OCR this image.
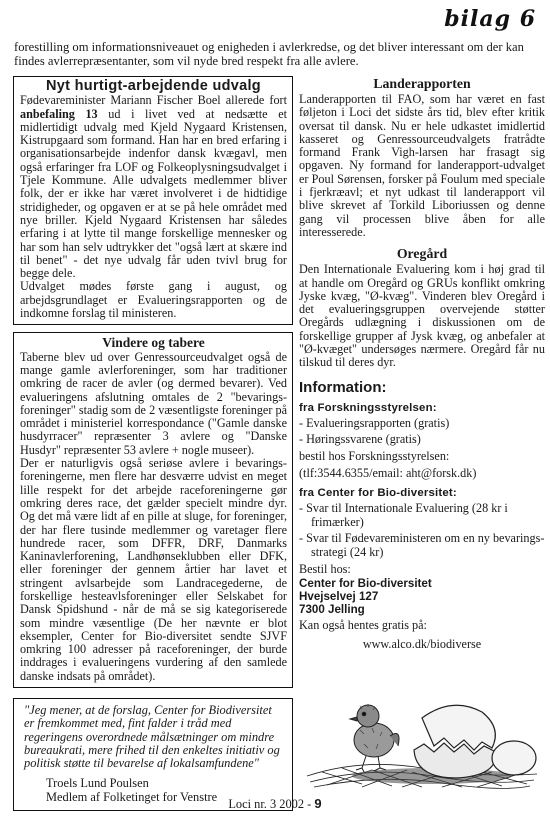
bilag 6
forestilling om informationsniveauet og enigheden i avlerkredse, og det bliver interessant om der kan findes avlerrepræsentanter, som vil nyde bred respekt fra alle avlere.
Nyt hurtigt-arbejdende udvalg

Fødevareminister Mariann Fischer Boel allerede fort anbefaling 13 ud i livet ved at nedsætte et midlertidigt udvalg med Kjeld Nygaard Kristensen, Kistrupgaard som formand. Han har en bred erfaring i organisationsarbejde indenfor dansk kvægavl, men også erfaringer fra LOF og Folkeoplysningsudvalget i Tjele Kommune. Alle udvalgets medlemmer bliver folk, der er ikke har været involveret i de hidtidige stridigheder, og opgaven er at se på hele området med nye briller. Kjeld Nygaard Kristensen har således erfaring i at lytte til mange forskellige mennesker og har som han selv udtrykker det "også lært at skære ind til benet" - det nye udvalg får uden tvivl brug for begge dele.

Udvalget mødes første gang i august, og arbejdsgrundlaget er Evalueringsrapporten og de indkomne forslag til ministeren.

Vindere og tabere

Taberne blev ud over Genressourceudvalget også de mange gamle avlerforeninger, som har traditioner omkring de racer de avler (og dermed bevarer). Ved evalueringens afslutning omtales de 2 "bevarings-foreninger" stadig som de 2 væsentligste foreninger på området i ministeriel korrespondance ("Gamle danske husdyrracer" repræsenter 3 avlere og "Danske Husdyr" repræsenter 53 avlere + nogle museer).

Der er naturligvis også seriøse avlere i bevarings-foreningerne, men flere har desværre udvist en meget lille respekt for det arbejde raceforeningerne gør omkring deres race, det gælder specielt mindre dyr. Og det må være lidt af en pille at sluge, for foreninger, der har flere tusinde medlemmer og varetager flere hundrede racer, som DFFR, DRF, Danmarks Kaninavlerforening, Landhønseklubben eller DFK, eller foreninger der gennem årtier har lavet et stringent avlsarbejde som Landracegederne, de forskellige hesteavlsforeninger eller Selskabet for Dansk Spidshund - når de må se sig kategoriserede som mindre væsentlige (De her nævnte er blot eksempler, Center for Bio-diversitet sendte SJVF omkring 100 adresser på raceforeninger, der burde inddrages i evalueringens vurdering af den samlede danske indsats på området).

"Jeg mener, at de forslag, Center for Biodiversitet er fremkommet med, fint falder i tråd med regeringens overordnede målsætninger om mindre bureaukrati, mere frihed til den enkeltes initiativ og politisk støtte til bevarelse af lokalsamfundene"
Troels Lund Poulsen
Medlem af Folketinget for Venstre
Landerapporten
Landerapporten til FAO, som har været en fast føljeton i Loci det sidste års tid, blev efter kritik oversat til dansk. Nu er hele udkastet imidlertid kasseret og Genressourceudvalgets fratrådte formand Frank Vigh-larsen har frasagt sig opgaven. Ny formand for landerapport-udvalget er Poul Sørensen, forsker på Foulum med speciale i fjerkræavl; et nyt udkast til landerapport vil blive skrevet af Torkild Liboriussen og denne gang vil processen blive åben for alle interesserede.
Oregård
Den Internationale Evaluering kom i høj grad til at handle om Oregård og GRUs konflikt omkring Jyske kvæg, "Ø-kvæg". Vinderen blev Oregård i det evalueringsgruppen overvejende støtter Oregårds udlægning i diskussionen om de forskellige grupper af Jysk kvæg, og anbefaler at "Ø-kvæget" undersøges nærmere. Oregård får nu tilskud til deres dyr.
Information:
fra Forskningsstyrelsen:
- Evalueringsrapporten (gratis)
- Høringssvarene (gratis)
bestil hos Forskningsstyrelsen:
(tlf:3544.6355/email: aht@forsk.dk)
fra Center for Bio-diversitet:
- Svar til Internationale Evaluering (28 kr i frimærker)
- Svar til Fødevareministeren om en ny bevarings-strategi (24 kr)
Bestil hos:
Center for Bio-diversitet
Hvejselvej 127
7300 Jelling
Kan også hentes gratis på:
www.alco.dk/biodiverse
Loci nr. 3 2002 - 9
